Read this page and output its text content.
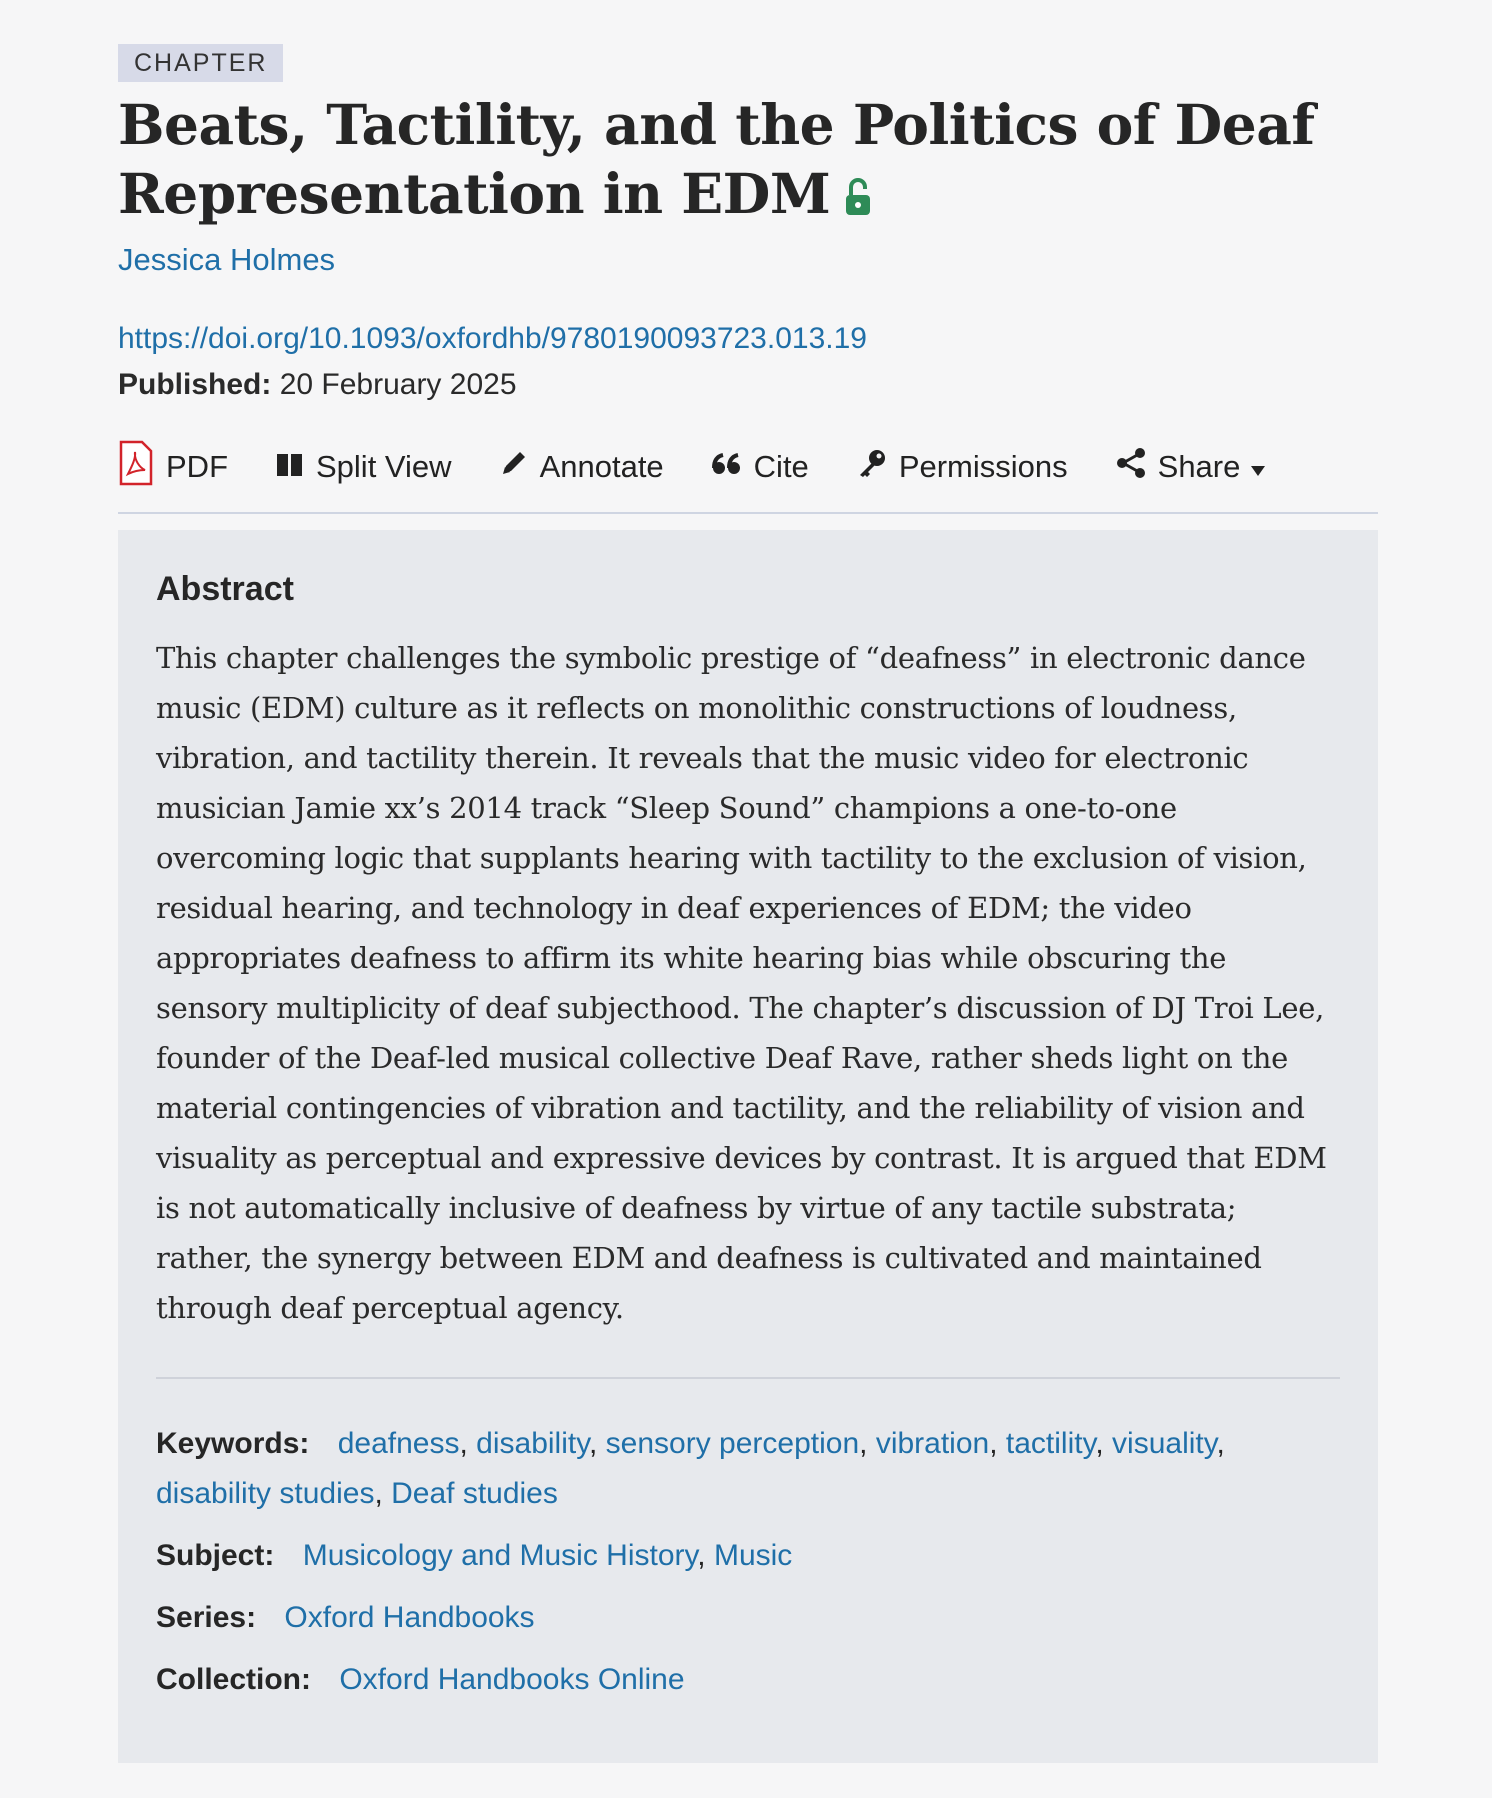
CHAPTER
Beats, Tactility, and the Politics of Deaf Representation in EDM
Jessica Holmes
https://doi.org/10.1093/oxfordhb/9780190093723.013.19
Published: 20 February 2025
PDF	Split View	Annotate	Cite	Permissions	Share
Abstract
This chapter challenges the symbolic prestige of “deafness” in electronic dance music (EDM) culture as it reflects on monolithic constructions of loudness, vibration, and tactility therein. It reveals that the music video for electronic musician Jamie xx’s 2014 track “Sleep Sound” champions a one-to-one overcoming logic that supplants hearing with tactility to the exclusion of vision, residual hearing, and technology in deaf experiences of EDM; the video appropriates deafness to affirm its white hearing bias while obscuring the sensory multiplicity of deaf subjecthood. The chapter’s discussion of DJ Troi Lee, founder of the Deaf-led musical collective Deaf Rave, rather sheds light on the material contingencies of vibration and tactility, and the reliability of vision and visuality as perceptual and expressive devices by contrast. It is argued that EDM is not automatically inclusive of deafness by virtue of any tactile substrata; rather, the synergy between EDM and deafness is cultivated and maintained through deaf perceptual agency.
Keywords: deafness, disability, sensory perception, vibration, tactility, visuality, disability studies, Deaf studies
Subject: Musicology and Music History, Music
Series: Oxford Handbooks
Collection: Oxford Handbooks Online
